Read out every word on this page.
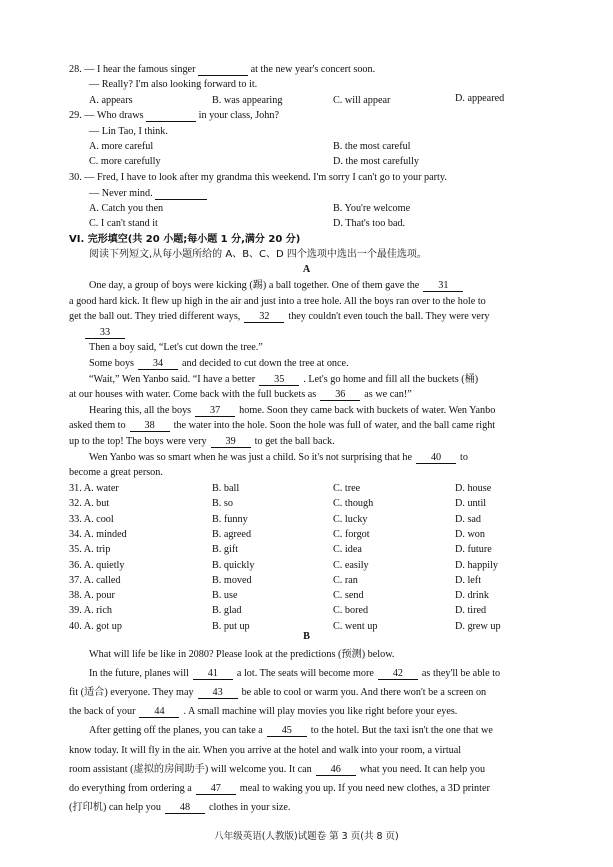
28. — I hear the famous singer	at the new year's concert soon.
— Really? I'm also looking forward to it.
A. appears	B. was appearing	C. will appear	D. appeared
29. — Who draws	in your class, John?
— Lin Tao, I think.
A. more careful	B. the most careful
C. more carefully	D. the most carefully
30. — Fred, I have to look after my grandma this weekend. I'm sorry I can't go to your party.
— Never mind.
A. Catch you then	B. You're welcome
C. I can't stand it	D. That's too bad.
VI. 完形填空(共 20 小题;每小题 1 分,满分 20 分)
阅读下列短文,从每小题所给的 A、B、C、D 四个选项中选出一个最佳选项。
A
One day, a group of boys were kicking (踢) a ball together. One of them gave the 31
a good hard kick. It flew up high in the air and just into a tree hole. All the boys ran over to the hole to
get the ball out. They tried different ways, 32 they couldn't even touch the ball. They were very
33
Then a boy said, “Let's cut down the tree.”
Some boys 34 and decided to cut down the tree at once.
“Wait,” Wen Yanbo said. “I have a better 35 . Let's go home and fill all the buckets (桶)
at our houses with water. Come back with the full buckets as 36 as we can!”
Hearing this, all the boys 37 home. Soon they came back with buckets of water. Wen Yanbo
asked them to 38 the water into the hole. Soon the hole was full of water, and the ball came right
up to the top! The boys were very 39 to get the ball back.
Wen Yanbo was so smart when he was just a child. So it's not surprising that he 40 to
become a great person.
31. A. water	B. ball	C. tree	D. house
32. A. but	B. so	C. though	D. until
33. A. cool	B. funny	C. lucky	D. sad
34. A. minded	B. agreed	C. forgot	D. won
35. A. trip	B. gift	C. idea	D. future
36. A. quietly	B. quickly	C. easily	D. happily
37. A. called	B. moved	C. ran	D. left
38. A. pour	B. use	C. send	D. drink
39. A. rich	B. glad	C. bored	D. tired
40. A. got up	B. put up	C. went up	D. grew up
B
What will life be like in 2080? Please look at the predictions (预测) below.
In the future, planes will 41 a lot. The seats will become more 42 as they'll be able to
fit (适合) everyone. They may 43 be able to cool or warm you. And there won't be a screen on
the back of your 44 . A small machine will play movies you like right before your eyes.
After getting off the planes, you can take a 45 to the hotel. But the taxi isn't the one that we
know today. It will fly in the air. When you arrive at the hotel and walk into your room, a virtual
room assistant (虚拟的房间助手) will welcome you. It can 46 what you need. It can help you
do everything from ordering a 47 meal to waking you up. If you need new clothes, a 3D printer
(打印机) can help you 48 clothes in your size.
八年级英语(人教版)试题卷 第 3 页(共 8 页)
